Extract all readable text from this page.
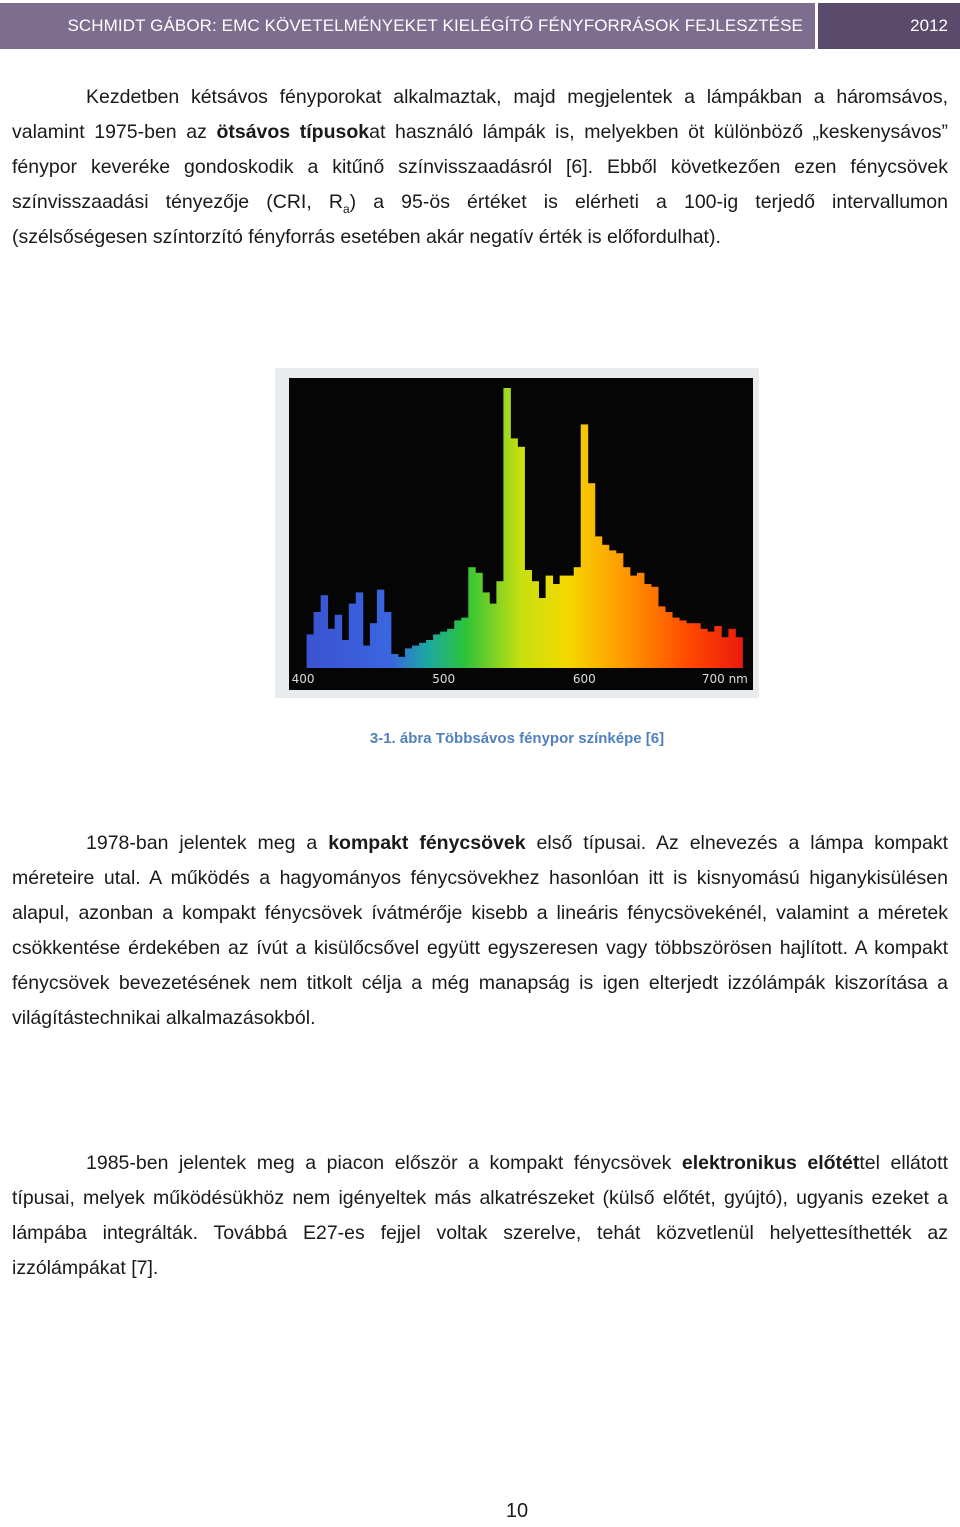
SCHMIDT GÁBOR: EMC KÖVETELMÉNYEKET KIELÉGÍTŐ FÉNYFORRÁSOK FEJLESZTÉSE	2012

Kezdetben kétsávos fényporokat alkalmaztak, majd megjelentek a lámpákban a háromsávos, valamint 1975-ben az ötsávos típusokat használó lámpák is, melyekben öt különböző „keskenysávos” fénypor keveréke gondoskodik a kitűnő színvisszaadásról [6]. Ebből következően ezen fénycsövek színvisszaadási tényezője (CRI, $R_a$) a 95-ös értéket is elérheti a 100-ig terjedő intervallumon (szélsőségesen színtorzító fényforrás esetében akár negatív érték is előfordulhat).

400	500	600	700 nm
3-1. ábra Többsávos fénypor színképe [6]

1978-ban jelentek meg a kompakt fénycsövek első típusai. Az elnevezés a lámpa kompakt méreteire utal. A működés a hagyományos fénycsövekhez hasonlóan itt is kisnyomású higanykisülésen alapul, azonban a kompakt fénycsövek ívátmérője kisebb a lineáris fénycsövekénél, valamint a méretek csökkentése érdekében az ívút a kisülőcsővel együtt egyszeresen vagy többszörösen hajlított. A kompakt fénycsövek bevezetésének nem titkolt célja a még manapság is igen elterjedt izzólámpák kiszorítása a világítástechnikai alkalmazásokból.

1985-ben jelentek meg a piacon először a kompakt fénycsövek elektronikus előtéttel ellátott típusai, melyek működésükhöz nem igényeltek más alkatrészeket (külső előtét, gyújtó), ugyanis ezeket a lámpába integrálták. Továbbá E27-es fejjel voltak szerelve, tehát közvetlenül helyettesíthették az izzólámpákat [7].

10
